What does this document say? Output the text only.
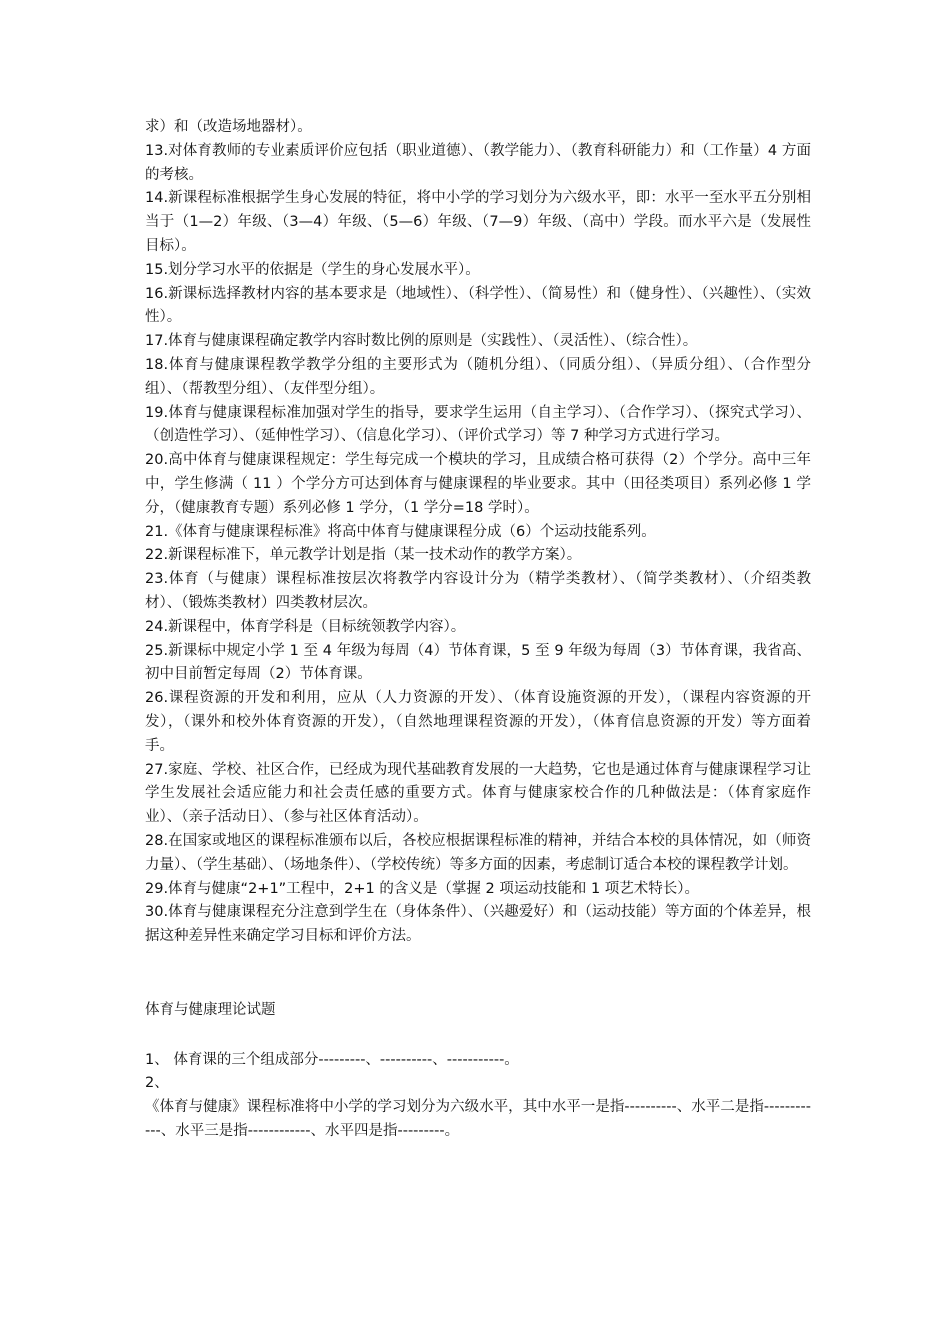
求）和（改造场地器材）。

13.对体育教师的专业素质评价应包括（职业道德）、（教学能力）、（教育科研能力）和（工作量）4 方面的考核。

14.新课程标准根据学生身心发展的特征，将中小学的学习划分为六级水平，即：水平一至水平五分别相当于（1—2）年级、（3—4）年级、（5—6）年级、（7—9）年级、（高中）学段。而水平六是（发展性目标）。

15.划分学习水平的依据是（学生的身心发展水平）。

16.新课标选择教材内容的基本要求是（地域性）、（科学性）、（简易性）和（健身性）、（兴趣性）、（实效性）。

17.体育与健康课程确定教学内容时数比例的原则是（实践性）、（灵活性）、（综合性）。

18.体育与健康课程教学教学分组的主要形式为（随机分组）、（同质分组）、（异质分组）、（合作型分组）、（帮教型分组）、（友伴型分组）。

19.体育与健康课程标准加强对学生的指导，要求学生运用（自主学习）、（合作学习）、（探究式学习）、（创造性学习）、（延伸性学习）、（信息化学习）、（评价式学习）等 7 种学习方式进行学习。

20.高中体育与健康课程规定：学生每完成一个模块的学习，且成绩合格可获得（2）个学分。高中三年中，学生修满（ 11 ）个学分方可达到体育与健康课程的毕业要求。其中（田径类项目）系列必修 1 学分，（健康教育专题）系列必修 1 学分，（1 学分=18 学时）。

21.《体育与健康课程标准》将高中体育与健康课程分成（6）个运动技能系列。

22.新课程标准下，单元教学计划是指（某一技术动作的教学方案）。

23.体育（与健康）课程标准按层次将教学内容设计分为（精学类教材）、（简学类教材）、（介绍类教材）、（锻炼类教材）四类教材层次。

24.新课程中，体育学科是（目标统领教学内容）。

25.新课标中规定小学 1 至 4 年级为每周（4）节体育课，5 至 9 年级为每周（3）节体育课，我省高、初中目前暂定每周（2）节体育课。

26.课程资源的开发和利用，应从（人力资源的开发）、（体育设施资源的开发），（课程内容资源的开发），（课外和校外体育资源的开发），（自然地理课程资源的开发），（体育信息资源的开发）等方面着手。

27.家庭、学校、社区合作，已经成为现代基础教育发展的一大趋势，它也是通过体育与健康课程学习让学生发展社会适应能力和社会责任感的重要方式。体育与健康家校合作的几种做法是：（体育家庭作业）、（亲子活动日）、（参与社区体育活动）。

28.在国家或地区的课程标准颁布以后，各校应根据课程标准的精神，并结合本校的具体情况，如（师资力量）、（学生基础）、（场地条件）、（学校传统）等多方面的因素，考虑制订适合本校的课程教学计划。

29.体育与健康“2+1”工程中，2+1 的含义是（掌握 2 项运动技能和 1 项艺术特长）。

30.体育与健康课程充分注意到学生在（身体条件）、（兴趣爱好）和（运动技能）等方面的个体差异，根据这种差异性来确定学习目标和评价方法。

体育与健康理论试题

1、 体育课的三个组成部分---------、----------、-----------。

2、

《体育与健康》课程标准将中小学的学习划分为六级水平，其中水平一是指----------、水平二是指------------、水平三是指------------、水平四是指---------。
